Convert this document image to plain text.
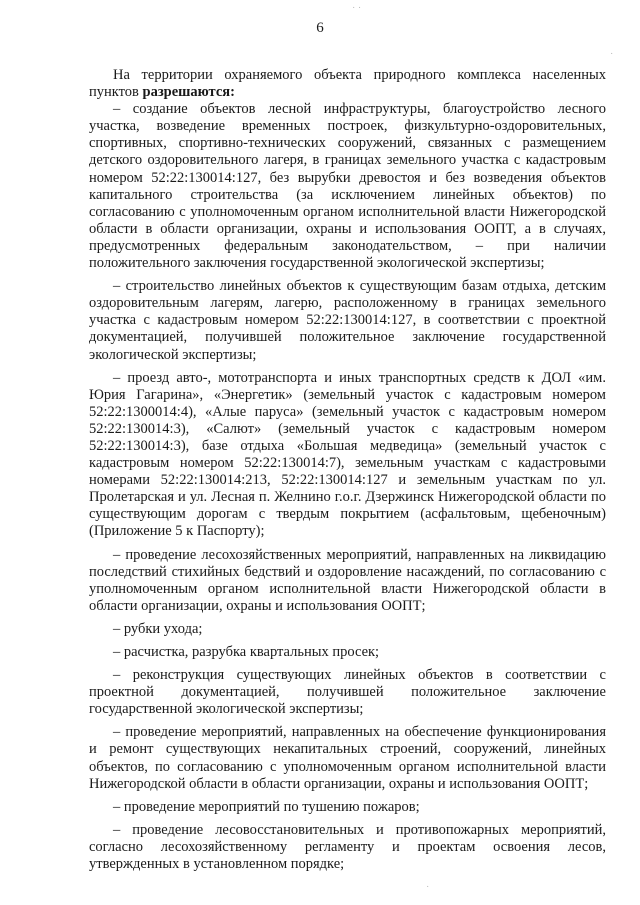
6
˙ ˙
˙
˙

На территории охраняемого объекта природного комплекса населенных пунктов разрешаются:

– создание объектов лесной инфраструктуры, благоустройство лесного участка, возведение временных построек, физкультурно-оздоровительных, спортивных, спортивно-технических сооружений, связанных с размещением детского оздоровительного лагеря, в границах земельного участка с кадастровым номером 52:22:130014:127, без вырубки древостоя и без возведения объектов капитального строительства (за исключением линейных объектов) по согласованию с уполномоченным органом исполнительной власти Нижегородской области в области организации, охраны и использования ООПТ, а в случаях, предусмотренных федеральным законодательством, – при наличии положительного заключения государственной экологической экспертизы;

– строительство линейных объектов к существующим базам отдыха, детским оздоровительным лагерям, лагерю, расположенному в границах земельного участка с кадастровым номером 52:22:130014:127, в соответствии с проектной документацией, получившей положительное заключение государственной экологической экспертизы;

– проезд авто-, мототранспорта и иных транспортных средств к ДОЛ «им. Юрия Гагарина», «Энергетик» (земельный участок с кадастровым номером 52:22:1300014:4), «Алые паруса» (земельный участок с кадастровым номером 52:22:130014:3), «Салют» (земельный участок с кадастровым номером 52:22:130014:3), базе отдыха «Большая медведица» (земельный участок с кадастровым номером 52:22:130014:7), земельным участкам с кадастровыми номерами 52:22:130014:213, 52:22:130014:127 и земельным участкам по ул. Пролетарская и ул. Лесная п. Желнино г.о.г. Дзержинск Нижегородской области по существующим дорогам с твердым покрытием (асфальтовым, щебеночным) (Приложение 5 к Паспорту);

– проведение лесохозяйственных мероприятий, направленных на ликвидацию последствий стихийных бедствий и оздоровление насаждений, по согласованию с уполномоченным органом исполнительной власти Нижегородской области в области организации, охраны и использования ООПТ;

– рубки ухода;

– расчистка, разрубка квартальных просек;

– реконструкция существующих линейных объектов в соответствии с проектной документацией, получившей положительное заключение государственной экологической экспертизы;

– проведение мероприятий, направленных на обеспечение функционирования и ремонт существующих некапитальных строений, сооружений, линейных объектов, по согласованию с уполномоченным органом исполнительной власти Нижегородской области в области организации, охраны и использования ООПТ;

– проведение мероприятий по тушению пожаров;

– проведение лесовосстановительных и противопожарных мероприятий, согласно лесохозяйственному регламенту и проектам освоения лесов, утвержденных в установленном порядке;
